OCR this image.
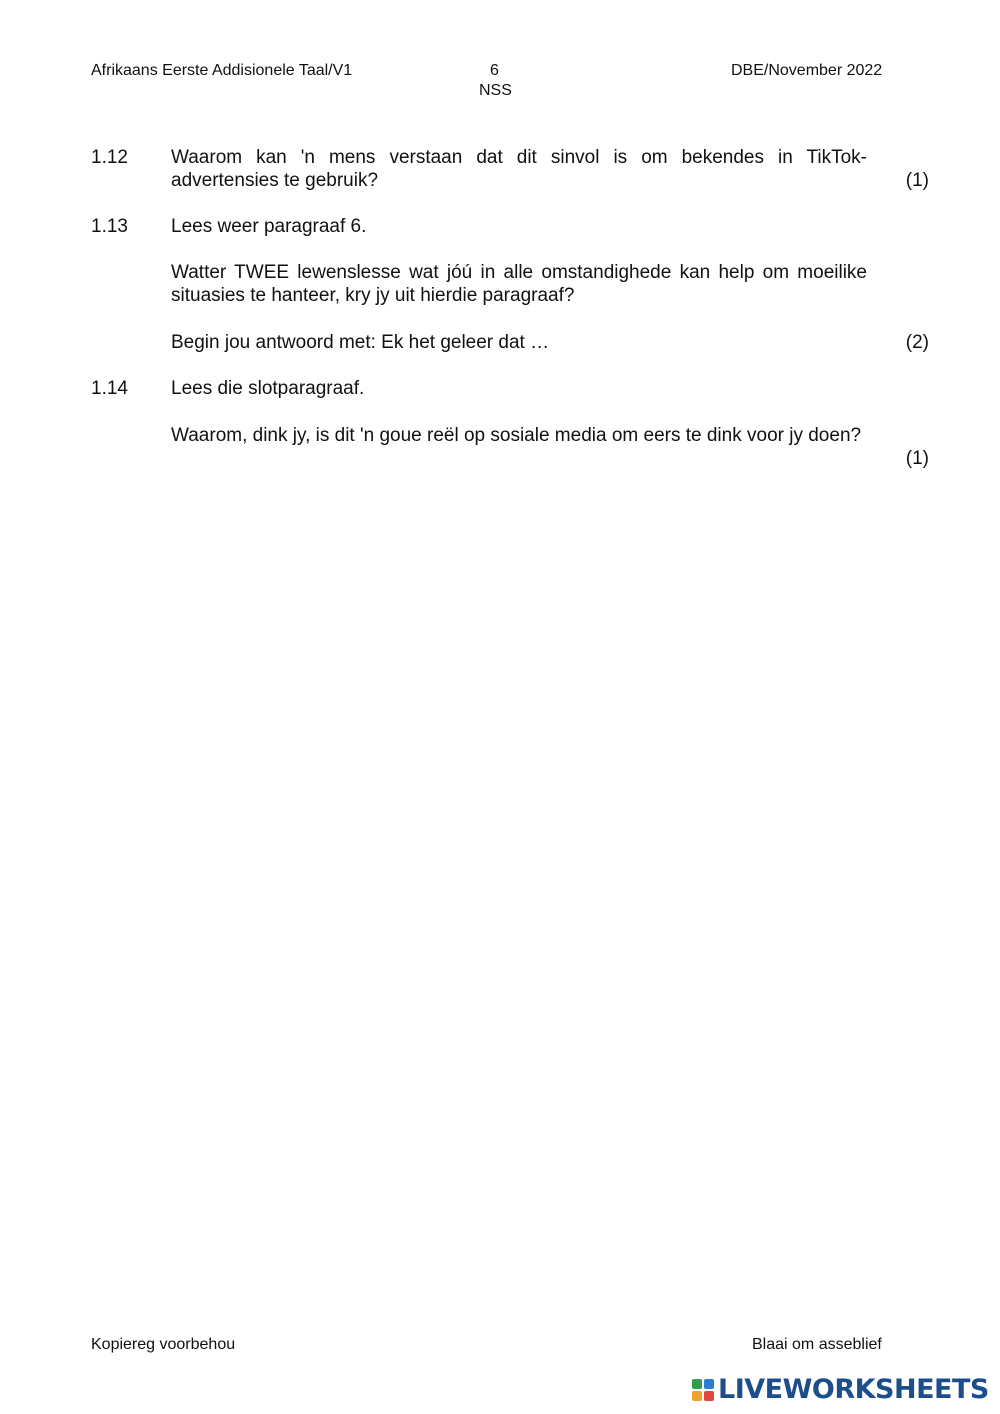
Afrikaans Eerste Addisionele Taal/V1	6
NSS
DBE/November 2022
1.12 Waarom kan 'n mens verstaan dat dit sinvol is om bekendes in TikTok-advertensies te gebruik?	(1)
1.13 Lees weer paragraaf 6.
Watter TWEE lewenslesse wat jóú in alle omstandighede kan help om moeilike situasies te hanteer, kry jy uit hierdie paragraaf?
Begin jou antwoord met: Ek het geleer dat …	(2)
1.14 Lees die slotparagraaf.
Waarom, dink jy, is dit 'n goue reël op sosiale media om eers te dink voor jy doen?
(1)
Kopiereg voorbehou	Blaai om asseblief
LIVEWORKSHEETS
